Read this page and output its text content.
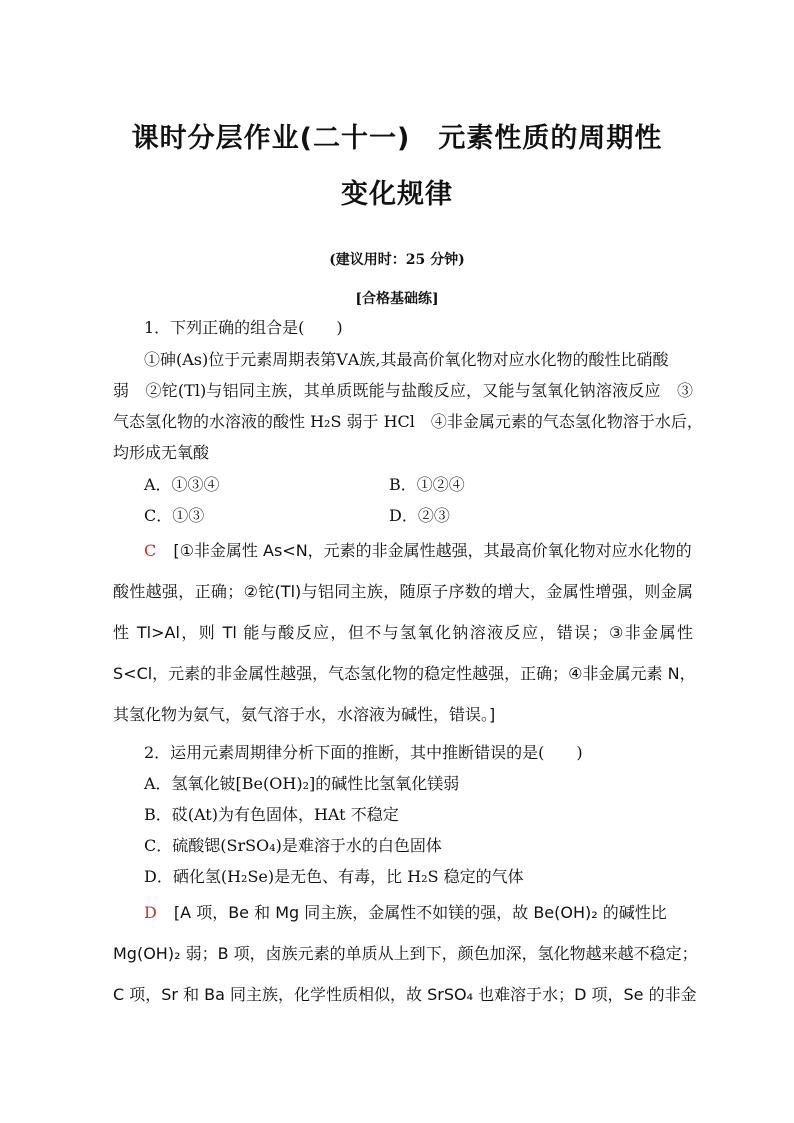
课时分层作业(二十一)　元素性质的周期性
变化规律
(建议用时：25 分钟)
[合格基础练]
1．下列正确的组合是(　　)
①砷(As)位于元素周期表第ⅤA族,其最高价氧化物对应水化物的酸性比硝酸
弱　②铊(Tl)与铝同主族，其单质既能与盐酸反应，又能与氢氧化钠溶液反应　③
气态氢化物的水溶液的酸性 H₂S 弱于 HCl　④非金属元素的气态氢化物溶于水后，
均形成无氧酸
A．①③④	B．①②④
C．①③	D．②③
C [①非金属性 As<N，元素的非金属性越强，其最高价氧化物对应水化物的
酸性越强，正确；②铊(Tl)与铝同主族，随原子序数的增大，金属性增强，则金属
性 Tl>Al，则 Tl 能与酸反应，但不与氢氧化钠溶液反应，错误；③非金属性
S<Cl，元素的非金属性越强，气态氢化物的稳定性越强，正确；④非金属元素 N，
其氢化物为氨气，氨气溶于水，水溶液为碱性，错误。]
2．运用元素周期律分析下面的推断，其中推断错误的是(　　)
A．氢氧化铍[Be(OH)₂]的碱性比氢氧化镁弱
B．砹(At)为有色固体，HAt 不稳定
C．硫酸锶(SrSO₄)是难溶于水的白色固体
D．硒化氢(H₂Se)是无色、有毒，比 H₂S 稳定的气体
D [A 项，Be 和 Mg 同主族，金属性不如镁的强，故 Be(OH)₂ 的碱性比
Mg(OH)₂ 弱；B 项，卤族元素的单质从上到下，颜色加深，氢化物越来越不稳定；
C 项，Sr 和 Ba 同主族，化学性质相似，故 SrSO₄ 也难溶于水；D 项，Se 的非金
